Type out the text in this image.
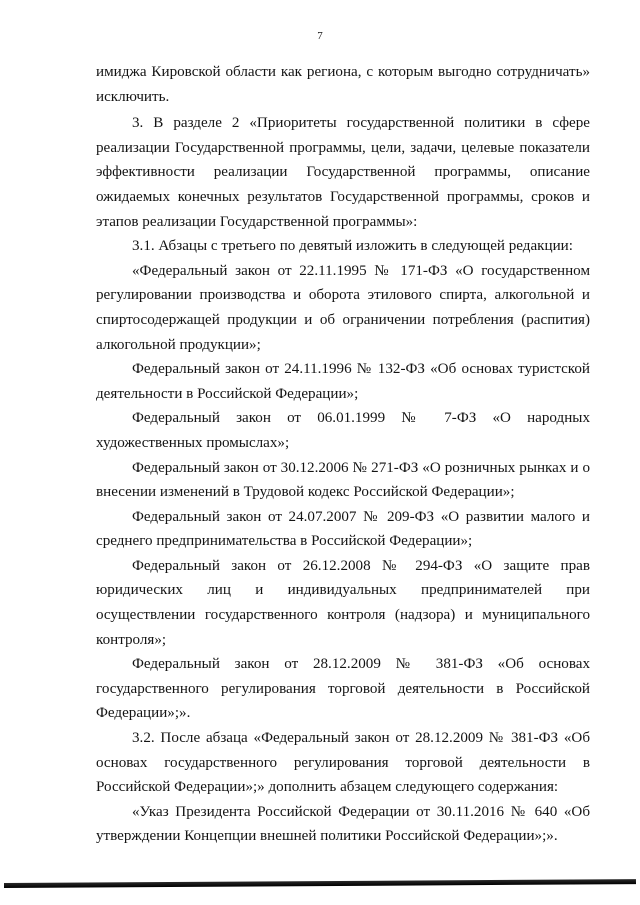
7

имиджа Кировской области как региона, с которым выгодно сотрудничать» исключить.

3. В разделе 2 «Приоритеты государственной политики в сфере реализации Государственной программы, цели, задачи, целевые показатели эффективности реализации Государственной программы, описание ожидаемых конечных результатов Государственной программы, сроков и этапов реализации Государственной программы»:

3.1. Абзацы с третьего по девятый изложить в следующей редакции:

«Федеральный закон от 22.11.1995 № 171-ФЗ «О государственном регулировании производства и оборота этилового спирта, алкогольной и спиртосодержащей продукции и об ограничении потребления (распития) алкогольной продукции»;

Федеральный закон от 24.11.1996 № 132-ФЗ «Об основах туристской деятельности в Российской Федерации»;

Федеральный закон от 06.01.1999 № 7-ФЗ «О народных художественных промыслах»;

Федеральный закон от 30.12.2006 № 271-ФЗ «О розничных рынках и о внесении изменений в Трудовой кодекс Российской Федерации»;

Федеральный закон от 24.07.2007 № 209-ФЗ «О развитии малого и среднего предпринимательства в Российской Федерации»;

Федеральный закон от 26.12.2008 № 294-ФЗ «О защите прав юридических лиц и индивидуальных предпринимателей при осуществлении государственного контроля (надзора) и муниципального контроля»;

Федеральный закон от 28.12.2009 № 381-ФЗ «Об основах государственного регулирования торговой деятельности в Российской Федерации»;».

3.2. После абзаца «Федеральный закон от 28.12.2009 № 381-ФЗ «Об основах государственного регулирования торговой деятельности в Российской Федерации»;» дополнить абзацем следующего содержания:

«Указ Президента Российской Федерации от 30.11.2016 № 640 «Об утверждении Концепции внешней политики Российской Федерации»;».
